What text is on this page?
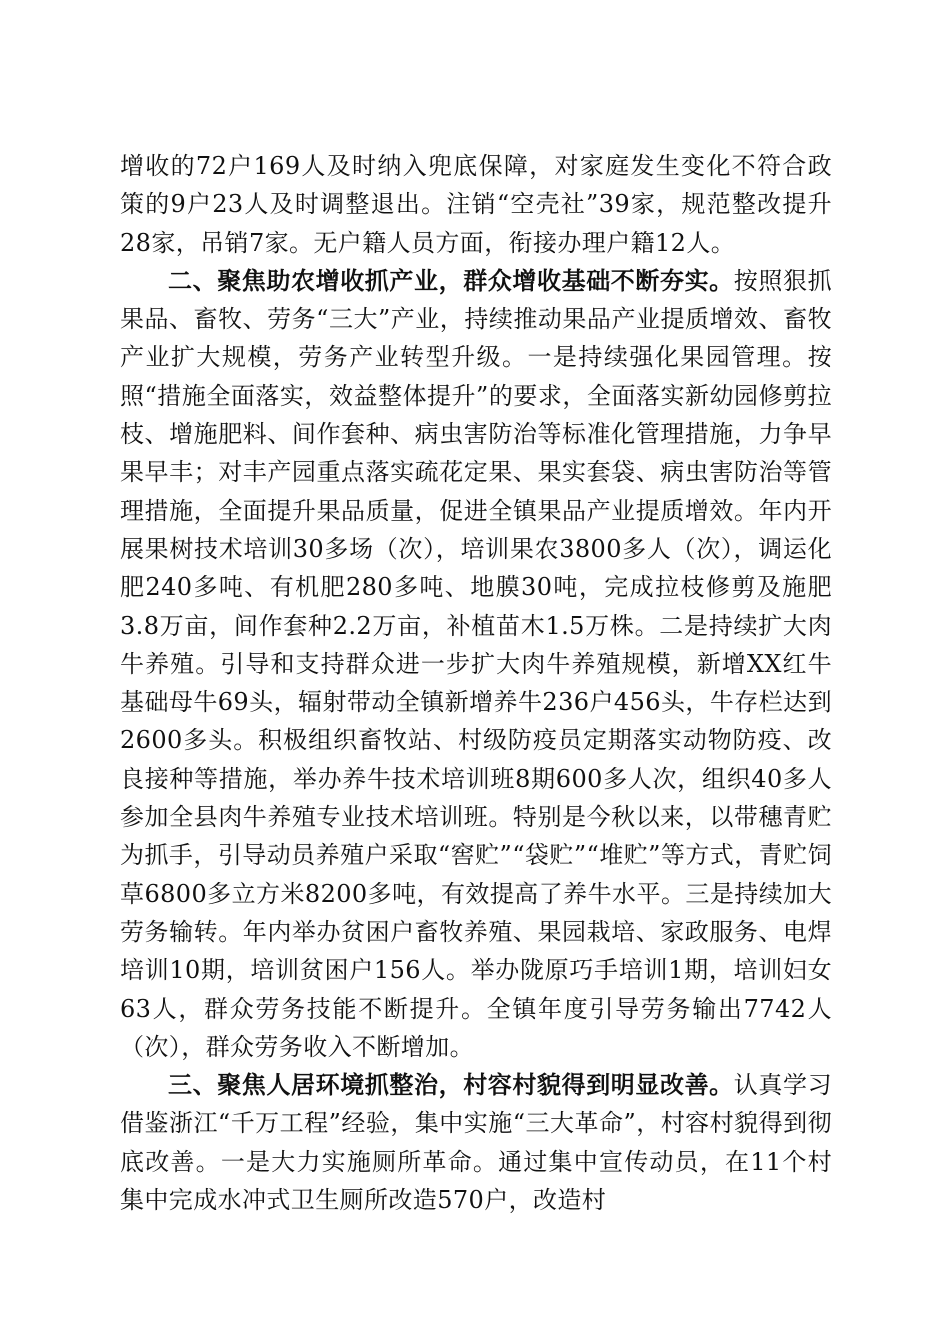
增收的72户169人及时纳入兜底保障，对家庭发生变化不符合政策的9户23人及时调整退出。注销“空壳社”39家，规范整改提升28家，吊销7家。无户籍人员方面，衔接办理户籍12人。

二、聚焦助农增收抓产业，群众增收基础不断夯实。按照狠抓果品、畜牧、劳务“三大”产业，持续推动果品产业提质增效、畜牧产业扩大规模，劳务产业转型升级。一是持续强化果园管理。按照“措施全面落实，效益整体提升”的要求，全面落实新幼园修剪拉枝、增施肥料、间作套种、病虫害防治等标准化管理措施，力争早果早丰；对丰产园重点落实疏花定果、果实套袋、病虫害防治等管理措施，全面提升果品质量，促进全镇果品产业提质增效。年内开展果树技术培训30多场（次），培训果农3800多人（次），调运化肥240多吨、有机肥280多吨、地膜30吨，完成拉枝修剪及施肥3.8万亩，间作套种2.2万亩，补植苗木1.5万株。二是持续扩大肉牛养殖。引导和支持群众进一步扩大肉牛养殖规模，新增XX红牛基础母牛69头，辐射带动全镇新增养牛236户456头，牛存栏达到2600多头。积极组织畜牧站、村级防疫员定期落实动物防疫、改良接种等措施，举办养牛技术培训班8期600多人次，组织40多人参加全县肉牛养殖专业技术培训班。特别是今秋以来，以带穗青贮为抓手，引导动员养殖户采取“窖贮”“袋贮”“堆贮”等方式，青贮饲草6800多立方米8200多吨，有效提高了养牛水平。三是持续加大劳务输转。年内举办贫困户畜牧养殖、果园栽培、家政服务、电焊培训10期，培训贫困户156人。举办陇原巧手培训1期，培训妇女63人，群众劳务技能不断提升。全镇年度引导劳务输出7742人（次），群众劳务收入不断增加。

三、聚焦人居环境抓整治，村容村貌得到明显改善。认真学习借鉴浙江“千万工程”经验，集中实施“三大革命”，村容村貌得到彻底改善。一是大力实施厕所革命。通过集中宣传动员，在11个村集中完成水冲式卫生厕所改造570户，改造村
